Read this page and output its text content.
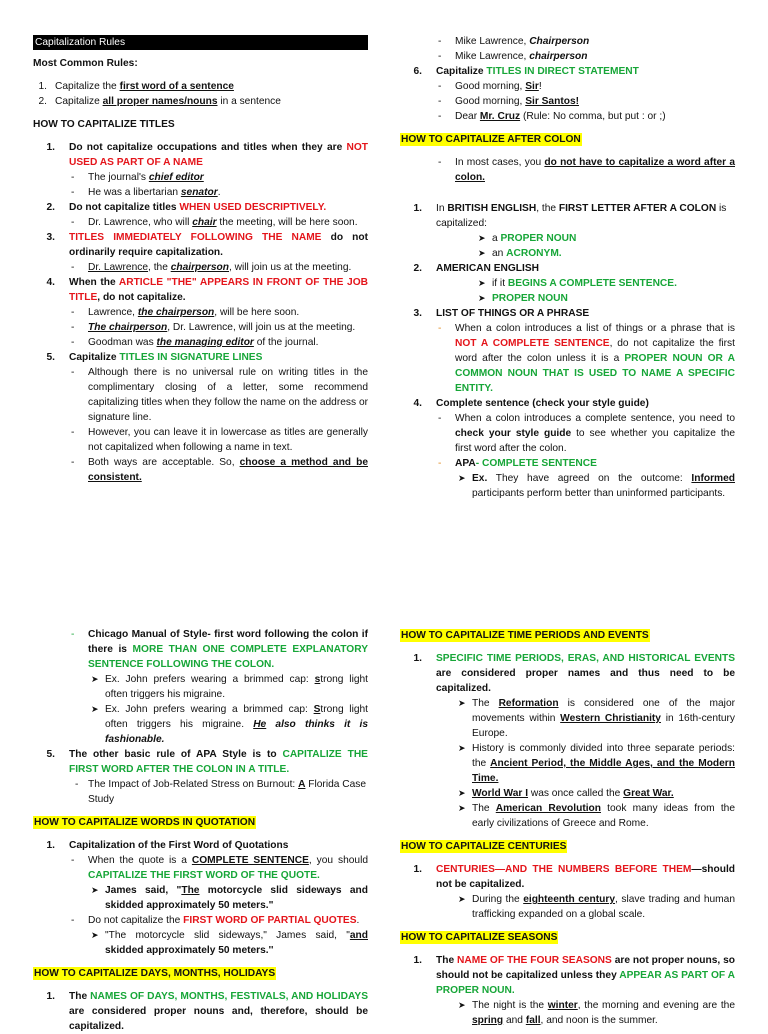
Capitalization Rules

Most Common Rules:

1. Capitalize the first word of a sentence
2. Capitalize all proper names/nouns in a sentence

HOW TO CAPITALIZE TITLES

1. Do not capitalize occupations and titles when they are NOT USED AS PART OF A NAME
- The journal's chief editor
- He was a libertarian senator.
2. Do not capitalize titles WHEN USED DESCRIPTIVELY.
- Dr. Lawrence, who will chair the meeting, will be here soon.
3. TITLES IMMEDIATELY FOLLOWING THE NAME do not ordinarily require capitalization.
- Dr. Lawrence, the chairperson, will join us at the meeting.
4. When the ARTICLE "THE" APPEARS IN FRONT OF THE JOB TITLE, do not capitalize.
- Lawrence, the chairperson, will be here soon.
- The chairperson, Dr. Lawrence, will join us at the meeting.
- Goodman was the managing editor of the journal.
5. Capitalize TITLES IN SIGNATURE LINES
- Although there is no universal rule on writing titles in the complimentary closing of a letter, some recommend capitalizing titles when they follow the name on the address or signature line.
- However, you can leave it in lowercase as titles are generally not capitalized when following a name in text.
- Both ways are acceptable. So, choose a method and be consistent.
- Mike Lawrence, Chairperson
- Mike Lawrence, chairperson
6. Capitalize TITLES IN DIRECT STATEMENT
- Good morning, Sir!
- Good morning, Sir Santos!
- Dear Mr. Cruz (Rule: No comma, but put : or ;)

HOW TO CAPITALIZE AFTER COLON

- In most cases, you do not have to capitalize a word after a colon.
1. In BRITISH ENGLISH, the FIRST LETTER AFTER A COLON is capitalized:
➤ a PROPER NOUN
➤ an ACRONYM.
2. AMERICAN ENGLISH
➤ if it BEGINS A COMPLETE SENTENCE.
➤ PROPER NOUN
3. LIST OF THINGS OR A PHRASE
- When a colon introduces a list of things or a phrase that is NOT A COMPLETE SENTENCE, do not capitalize the first word after the colon unless it is a PROPER NOUN OR A COMMON NOUN THAT IS USED TO NAME A SPECIFIC ENTITY.
4. Complete sentence (check your style guide)
- When a colon introduces a complete sentence, you need to check your style guide to see whether you capitalize the first word after the colon.
- APA- COMPLETE SENTENCE
➤ Ex. They have agreed on the outcome: Informed participants perform better than uninformed participants.
- Chicago Manual of Style- first word following the colon if there is MORE THAN ONE COMPLETE EXPLANATORY SENTENCE FOLLOWING THE COLON.
➤ Ex. John prefers wearing a brimmed cap: strong light often triggers his migraine.
➤ Ex. John prefers wearing a brimmed cap: Strong light often triggers his migraine. He also thinks it is fashionable.
5. The other basic rule of APA Style is to CAPITALIZE THE FIRST WORD AFTER THE COLON IN A TITLE.
- The Impact of Job-Related Stress on Burnout: A Florida Case Study

HOW TO CAPITALIZE WORDS IN QUOTATION

1. Capitalization of the First Word of Quotations
- When the quote is a COMPLETE SENTENCE, you should CAPITALIZE THE FIRST WORD OF THE QUOTE.
➤ James said, "The motorcycle slid sideways and skidded approximately 50 meters."
- Do not capitalize the FIRST WORD OF PARTIAL QUOTES.
➤ "The motorcycle slid sideways," James said, "and skidded approximately 50 meters.''

HOW TO CAPITALIZE DAYS, MONTHS, HOLIDAYS

1. The NAMES OF DAYS, MONTHS, FESTIVALS, AND HOLIDAYS are considered proper nouns and, therefore, should be capitalized.

HOW TO CAPITALIZE TIME PERIODS AND EVENTS

1. SPECIFIC TIME PERIODS, ERAS, AND HISTORICAL EVENTS are considered proper names and thus need to be capitalized.
➤ The Reformation is considered one of the major movements within Western Christianity in 16th-century Europe.
➤ History is commonly divided into three separate periods: the Ancient Period, the Middle Ages, and the Modern Time.
➤ World War I was once called the Great War.
➤ The American Revolution took many ideas from the early civilizations of Greece and Rome.

HOW TO CAPITALIZE CENTURIES

1. CENTURIES—AND THE NUMBERS BEFORE THEM—should not be capitalized.
➤ During the eighteenth century, slave trading and human trafficking expanded on a global scale.

HOW TO CAPITALIZE SEASONS

1. The NAME OF THE FOUR SEASONS are not proper nouns, so should not be capitalized unless they APPEAR AS PART OF A PROPER NOUN.
➤ The night is the winter, the morning and evening are the spring and fall, and noon is the summer.
